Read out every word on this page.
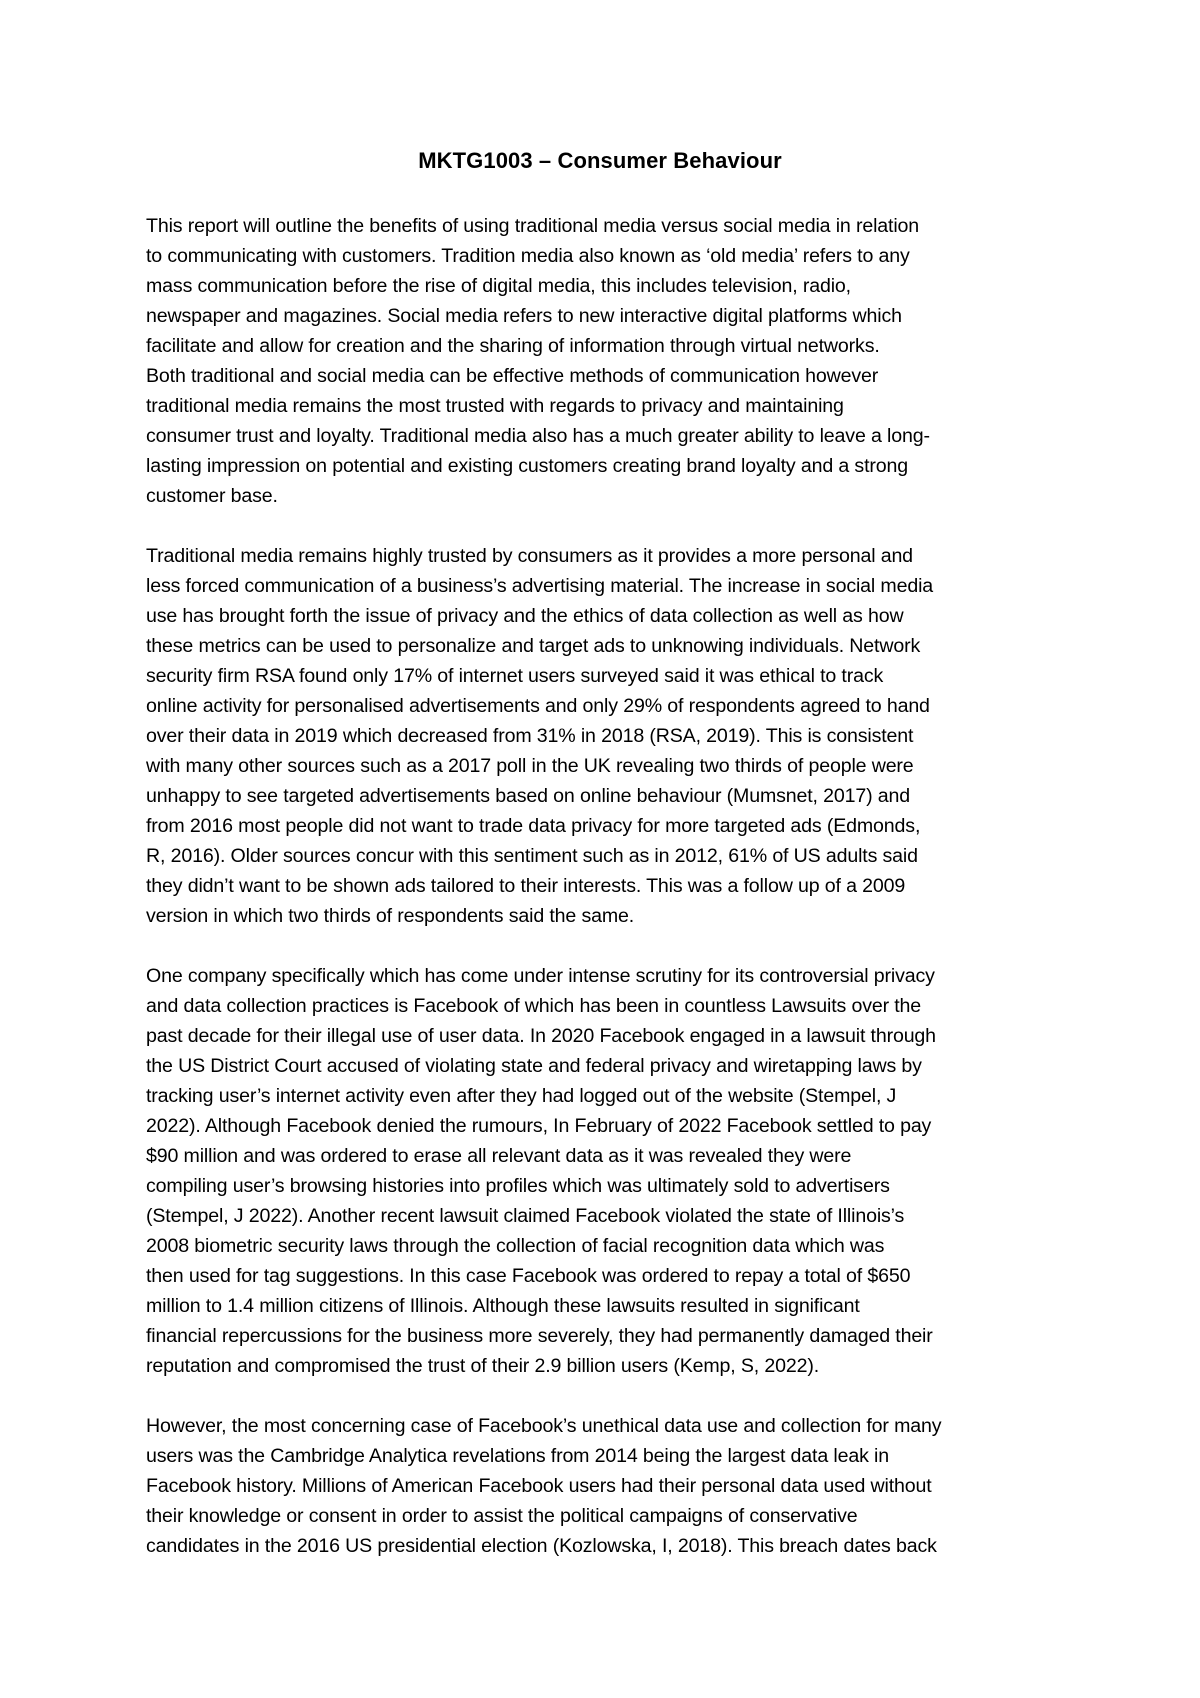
MKTG1003 – Consumer Behaviour
This report will outline the benefits of using traditional media versus social media in relation
to communicating with customers. Tradition media also known as ‘old media’ refers to any
mass communication before the rise of digital media, this includes television, radio,
newspaper and magazines. Social media refers to new interactive digital platforms which
facilitate and allow for creation and the sharing of information through virtual networks.
Both traditional and social media can be effective methods of communication however
traditional media remains the most trusted with regards to privacy and maintaining
consumer trust and loyalty. Traditional media also has a much greater ability to leave a long-
lasting impression on potential and existing customers creating brand loyalty and a strong
customer base.
Traditional media remains highly trusted by consumers as it provides a more personal and
less forced communication of a business’s advertising material. The increase in social media
use has brought forth the issue of privacy and the ethics of data collection as well as how
these metrics can be used to personalize and target ads to unknowing individuals. Network
security firm RSA found only 17% of internet users surveyed said it was ethical to track
online activity for personalised advertisements and only 29% of respondents agreed to hand
over their data in 2019 which decreased from 31% in 2018 (RSA, 2019). This is consistent
with many other sources such as a 2017 poll in the UK revealing two thirds of people were
unhappy to see targeted advertisements based on online behaviour (Mumsnet, 2017) and
from 2016 most people did not want to trade data privacy for more targeted ads (Edmonds,
R, 2016). Older sources concur with this sentiment such as in 2012, 61% of US adults said
they didn’t want to be shown ads tailored to their interests. This was a follow up of a 2009
version in which two thirds of respondents said the same.
One company specifically which has come under intense scrutiny for its controversial privacy
and data collection practices is Facebook of which has been in countless Lawsuits over the
past decade for their illegal use of user data. In 2020 Facebook engaged in a lawsuit through
the US District Court accused of violating state and federal privacy and wiretapping laws by
tracking user’s internet activity even after they had logged out of the website (Stempel, J
2022). Although Facebook denied the rumours, In February of 2022 Facebook settled to pay
$90 million and was ordered to erase all relevant data as it was revealed they were
compiling user’s browsing histories into profiles which was ultimately sold to advertisers
(Stempel, J 2022). Another recent lawsuit claimed Facebook violated the state of Illinois’s
2008 biometric security laws through the collection of facial recognition data which was
then used for tag suggestions. In this case Facebook was ordered to repay a total of $650
million to 1.4 million citizens of Illinois. Although these lawsuits resulted in significant
financial repercussions for the business more severely, they had permanently damaged their
reputation and compromised the trust of their 2.9 billion users (Kemp, S, 2022).
However, the most concerning case of Facebook’s unethical data use and collection for many
users was the Cambridge Analytica revelations from 2014 being the largest data leak in
Facebook history. Millions of American Facebook users had their personal data used without
their knowledge or consent in order to assist the political campaigns of conservative
candidates in the 2016 US presidential election (Kozlowska, I, 2018). This breach dates back
